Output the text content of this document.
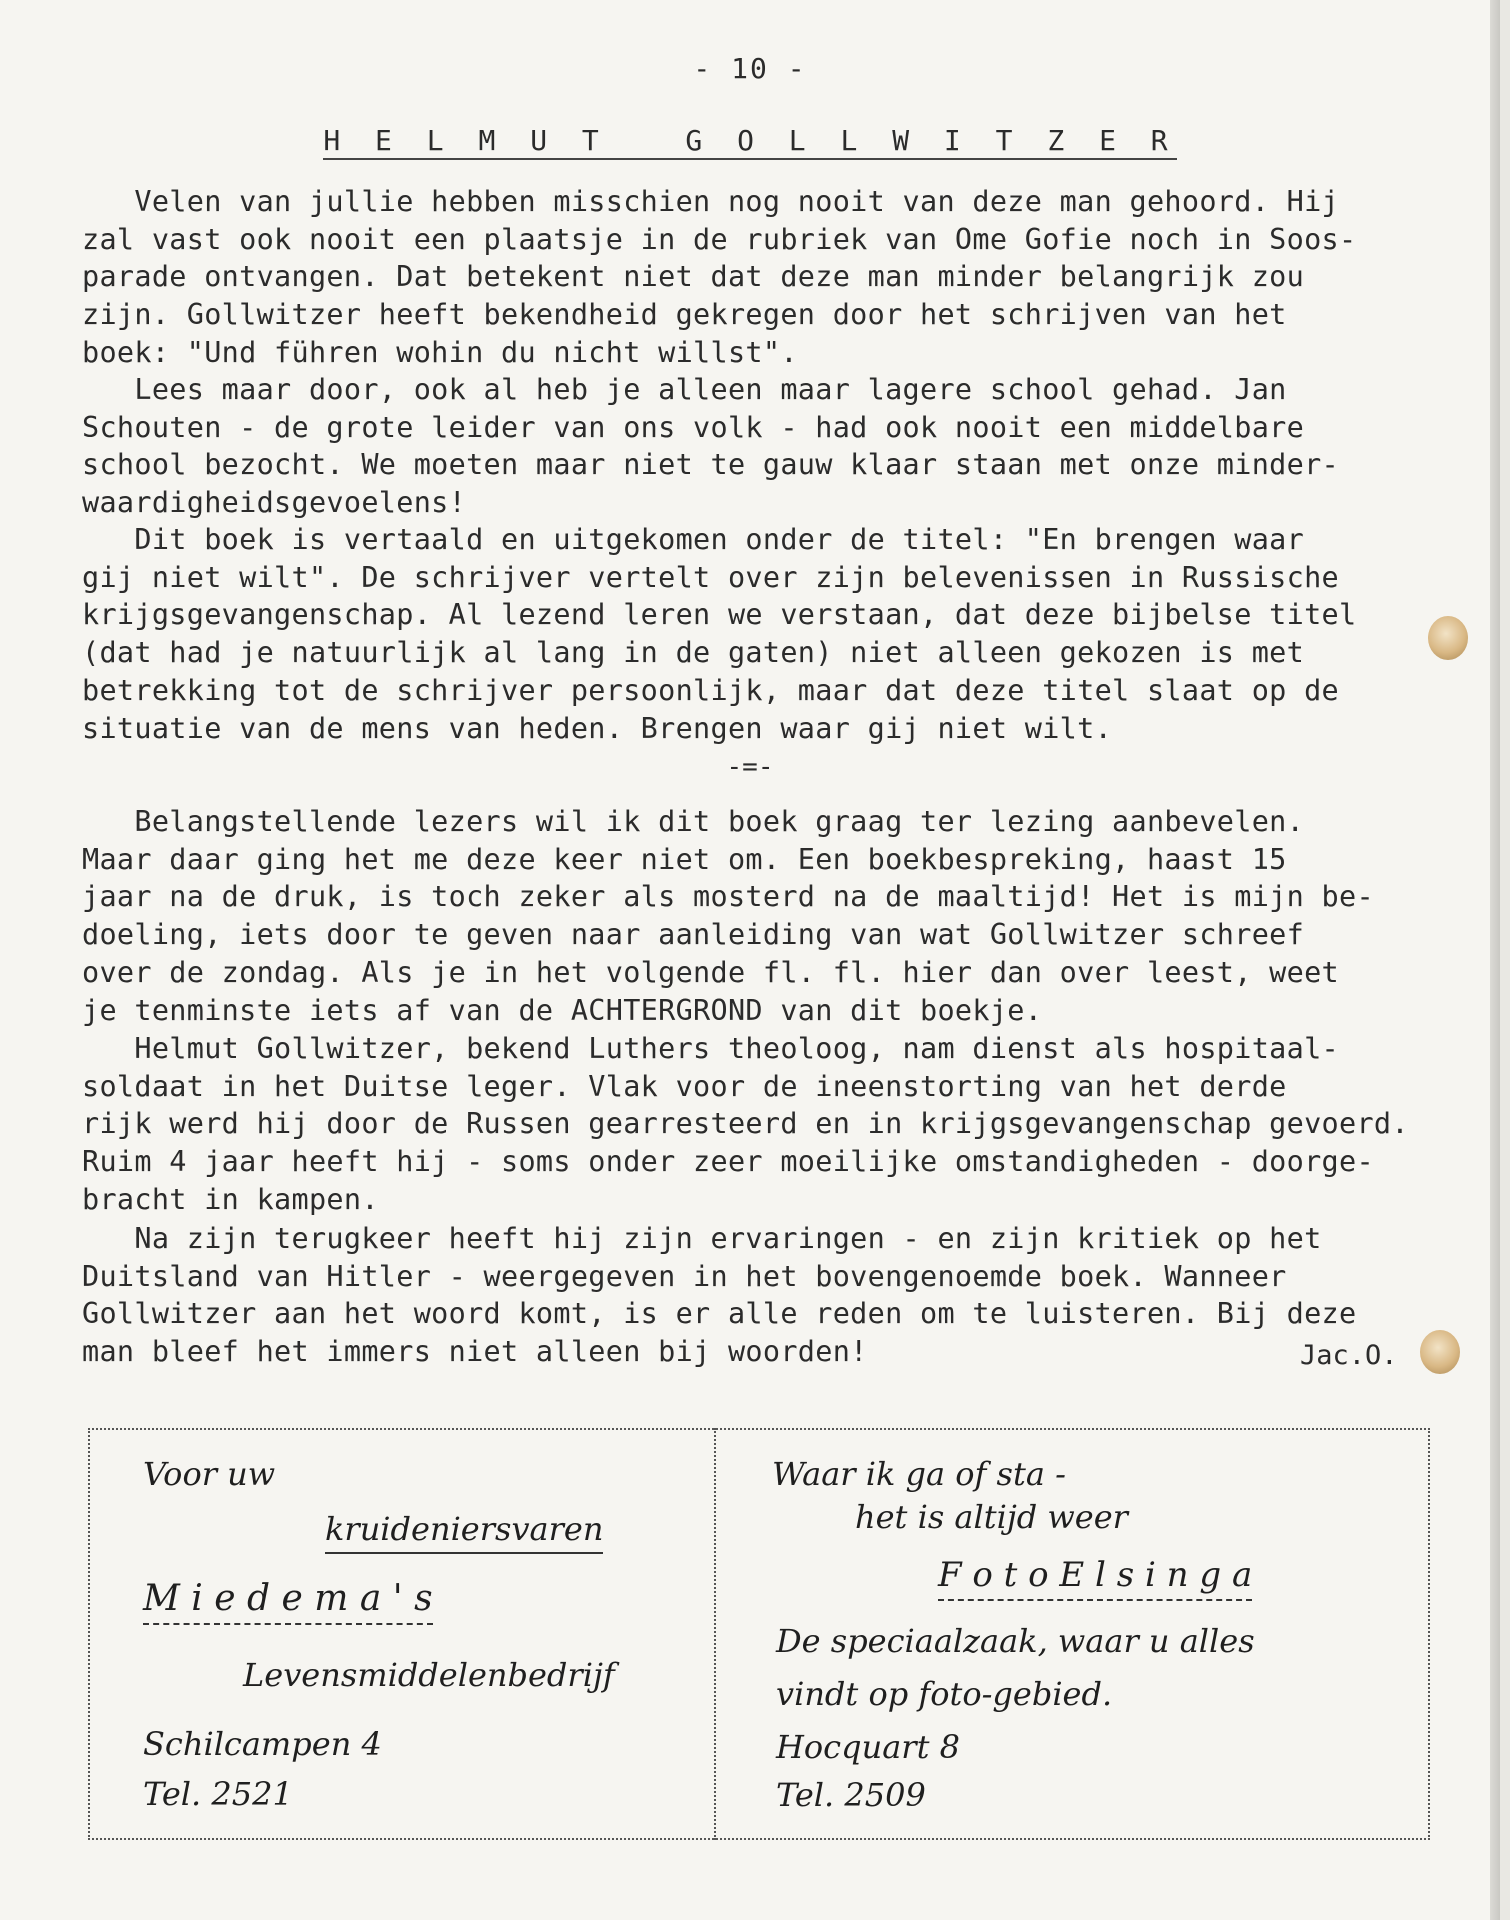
- 10 -
H E L M U T   G O L L W I T Z E R
Velen van jullie hebben misschien nog nooit van deze man gehoord. Hij
zal vast ook nooit een plaatsje in de rubriek van Ome Gofie noch in Soos-
parade ontvangen. Dat betekent niet dat deze man minder belangrijk zou
zijn. Gollwitzer heeft bekendheid gekregen door het schrijven van het
boek: "Und führen wohin du nicht willst".
Lees maar door, ook al heb je alleen maar lagere school gehad. Jan
Schouten - de grote leider van ons volk - had ook nooit een middelbare
school bezocht. We moeten maar niet te gauw klaar staan met onze minder-
waardigheidsgevoelens!
Dit boek is vertaald en uitgekomen onder de titel: "En brengen waar
gij niet wilt". De schrijver vertelt over zijn belevenissen in Russische
krijgsgevangenschap. Al lezend leren we verstaan, dat deze bijbelse titel
(dat had je natuurlijk al lang in de gaten) niet alleen gekozen is met
betrekking tot de schrijver persoonlijk, maar dat deze titel slaat op de
situatie van de mens van heden. Brengen waar gij niet wilt.
-=-
Belangstellende lezers wil ik dit boek graag ter lezing aanbevelen.
Maar daar ging het me deze keer niet om. Een boekbespreking, haast 15
jaar na de druk, is toch zeker als mosterd na de maaltijd! Het is mijn be-
doeling, iets door te geven naar aanleiding van wat Gollwitzer schreef
over de zondag. Als je in het volgende fl. fl. hier dan over leest, weet
je tenminste iets af van de ACHTERGROND van dit boekje.
Helmut Gollwitzer, bekend Luthers theoloog, nam dienst als hospitaal-
soldaat in het Duitse leger. Vlak voor de ineenstorting van het derde
rijk werd hij door de Russen gearresteerd en in krijgsgevangenschap gevoerd.
Ruim 4 jaar heeft hij - soms onder zeer moeilijke omstandigheden - doorge-
bracht in kampen.
Na zijn terugkeer heeft hij zijn ervaringen - en zijn kritiek op het
Duitsland van Hitler - weergegeven in het bovengenoemde boek. Wanneer
Gollwitzer aan het woord komt, is er alle reden om te luisteren. Bij deze
man bleef het immers niet alleen bij woorden!	Jac.O.
Voor uw
kruideniersvaren
M i e d e m a ' s
Levensmiddelenbedrijf
Schilcampen 4
Tel. 2521
Waar ik ga of sta -
het is altijd weer
F o t o E l s i n g a
De speciaalzaak, waar u alles
vindt op foto-gebied.
Hocquart 8
Tel. 2509
